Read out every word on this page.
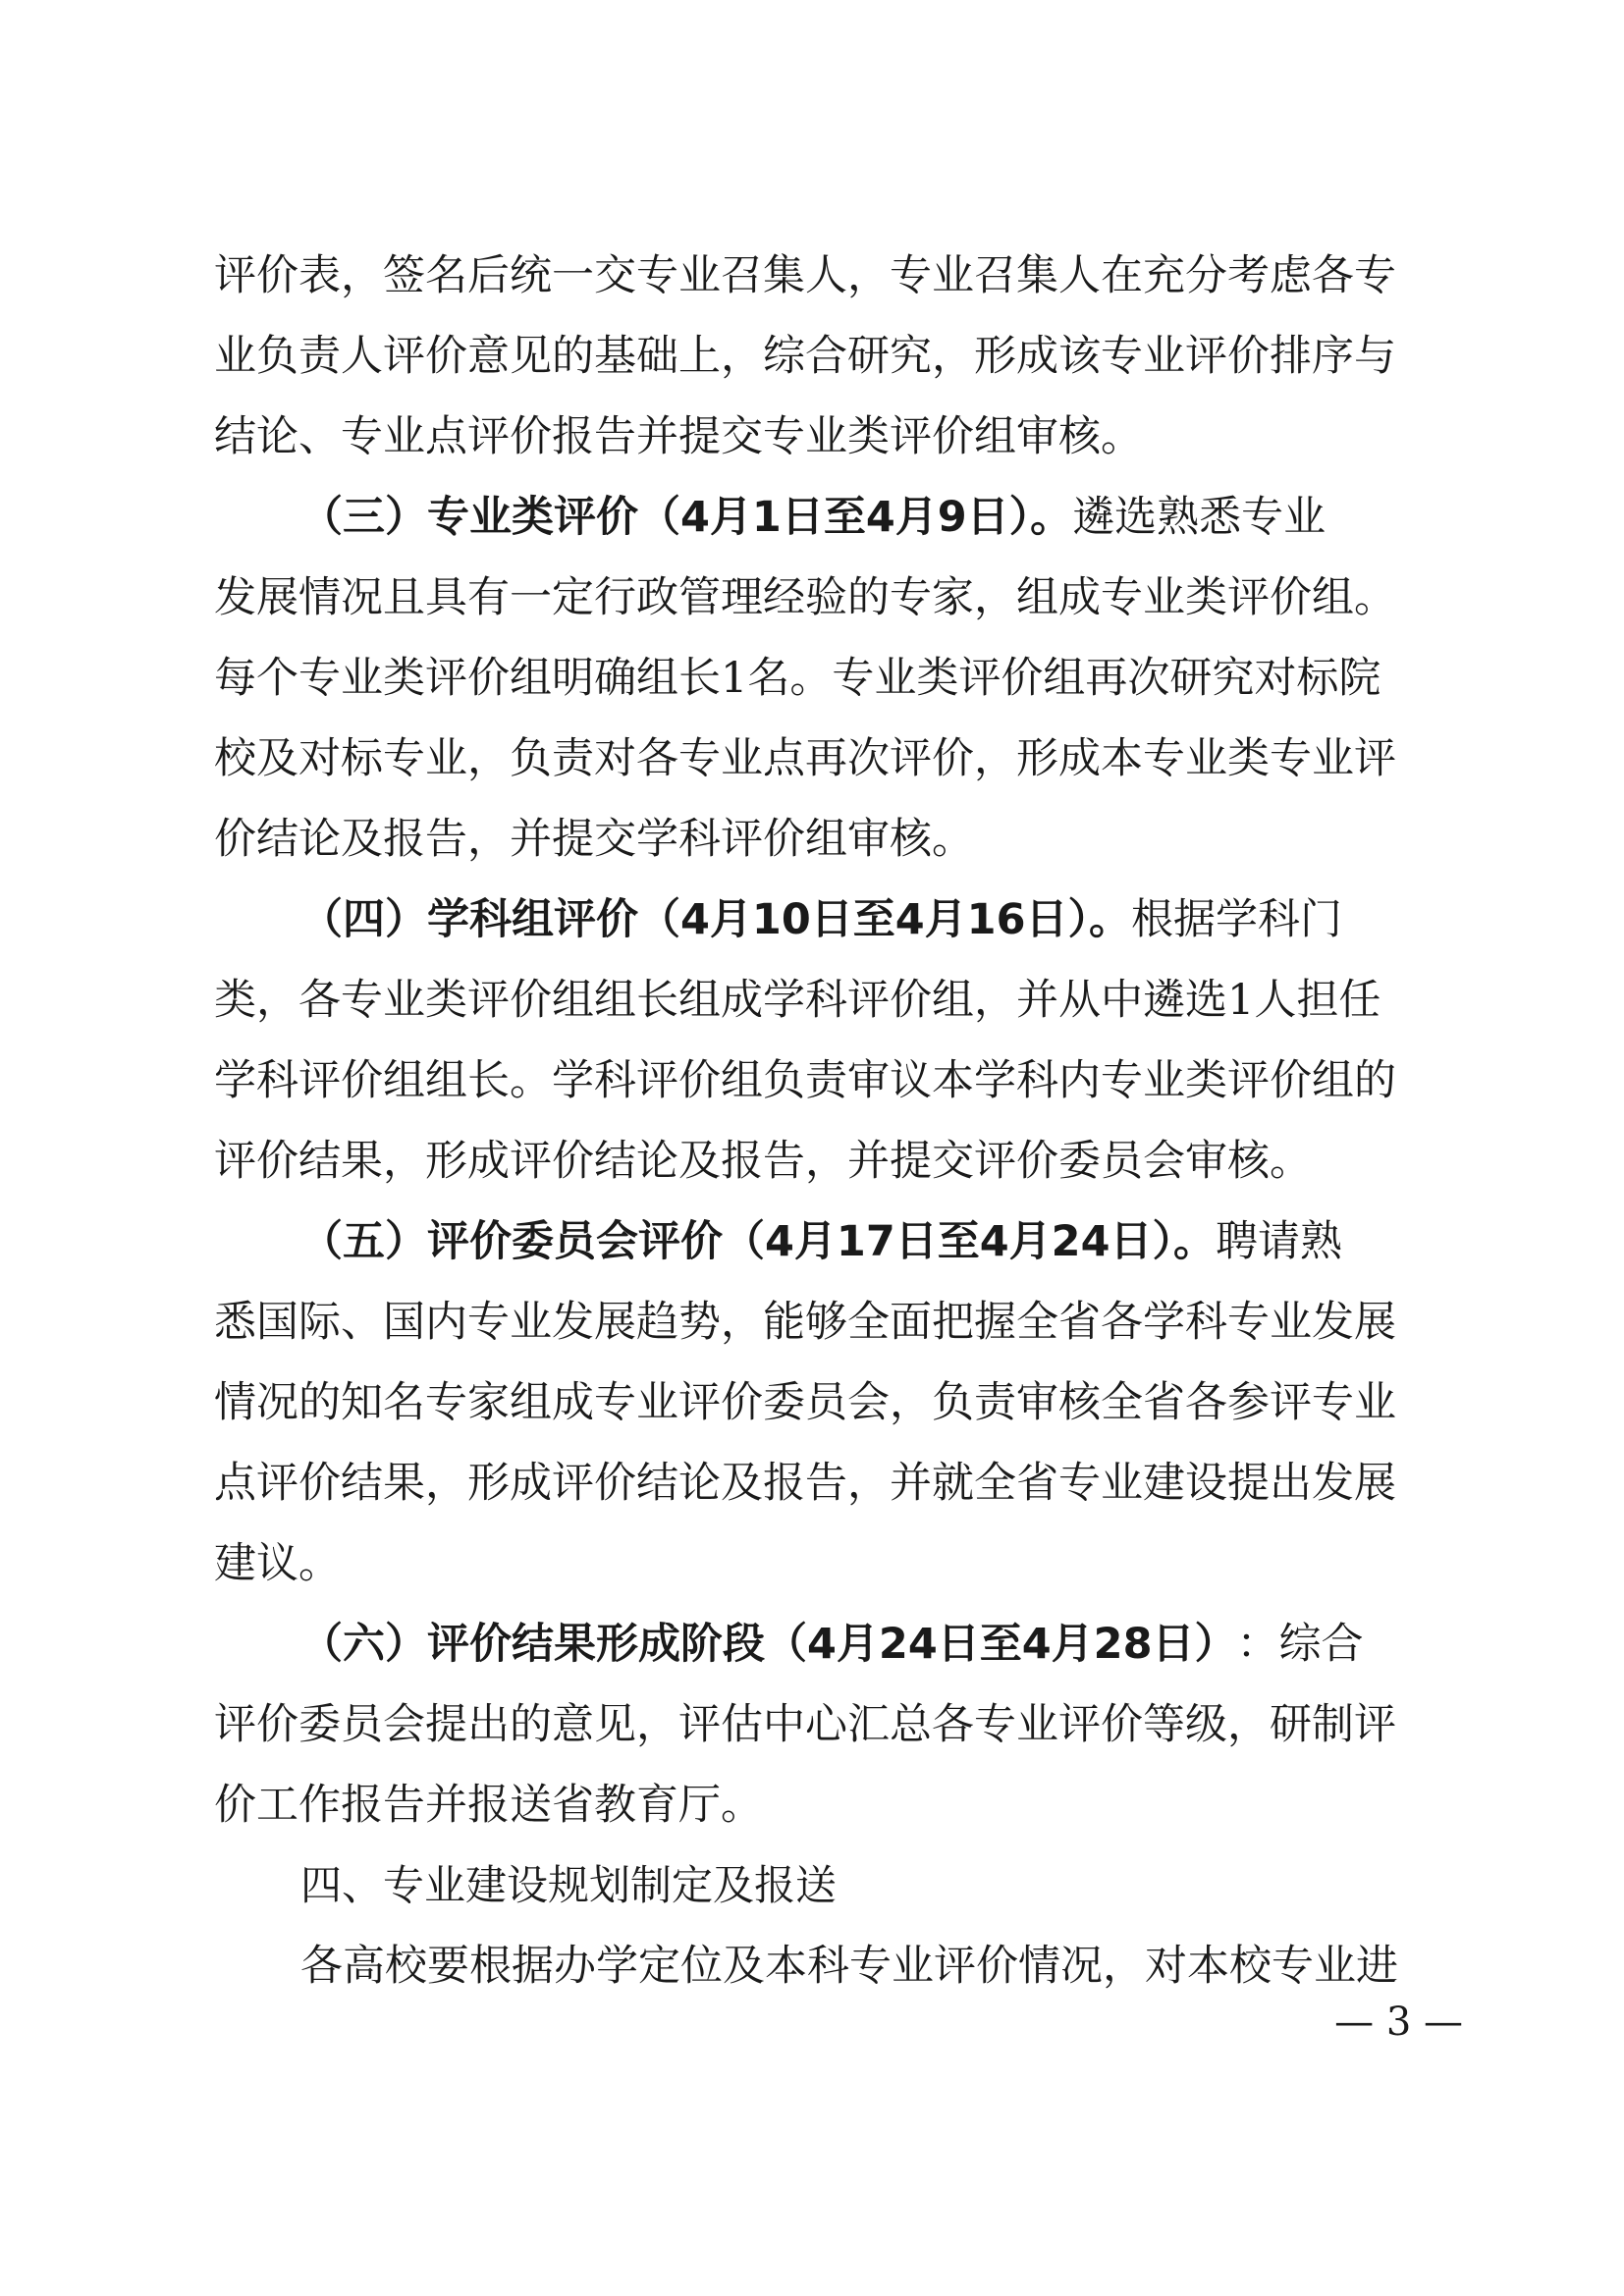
评价表，签名后统一交专业召集人，专业召集人在充分考虑各专
业负责人评价意见的基础上，综合研究，形成该专业评价排序与
结论、专业点评价报告并提交专业类评价组审核。
（三）专业类评价（4月1日至4月9日）。 遴选熟悉专业
发展情况且具有一定行政管理经验的专家，组成专业类评价组。
每个专业类评价组明确组长1名。专业类评价组再次研究对标院
校及对标专业，负责对各专业点再次评价，形成本专业类专业评
价结论及报告，并提交学科评价组审核。
（四）学科组评价（4月10日至4月16日）。 根据学科门
类，各专业类评价组组长组成学科评价组，并从中遴选1人担任
学科评价组组长。学科评价组负责审议本学科内专业类评价组的
评价结果，形成评价结论及报告，并提交评价委员会审核。
（五）评价委员会评价（4月17日至4月24日）。 聘请熟
悉国际、国内专业发展趋势，能够全面把握全省各学科专业发展
情况的知名专家组成专业评价委员会，负责审核全省各参评专业
点评价结果，形成评价结论及报告，并就全省专业建设提出发展
建议。
（六）评价结果形成阶段（4月24日至4月28日） ：综合
评价委员会提出的意见，评估中心汇总各专业评价等级，研制评
价工作报告并报送省教育厅。
四、专业建设规划制定及报送
各高校要根据办学定位及本科专业评价情况，对本校专业进
— 3 —
